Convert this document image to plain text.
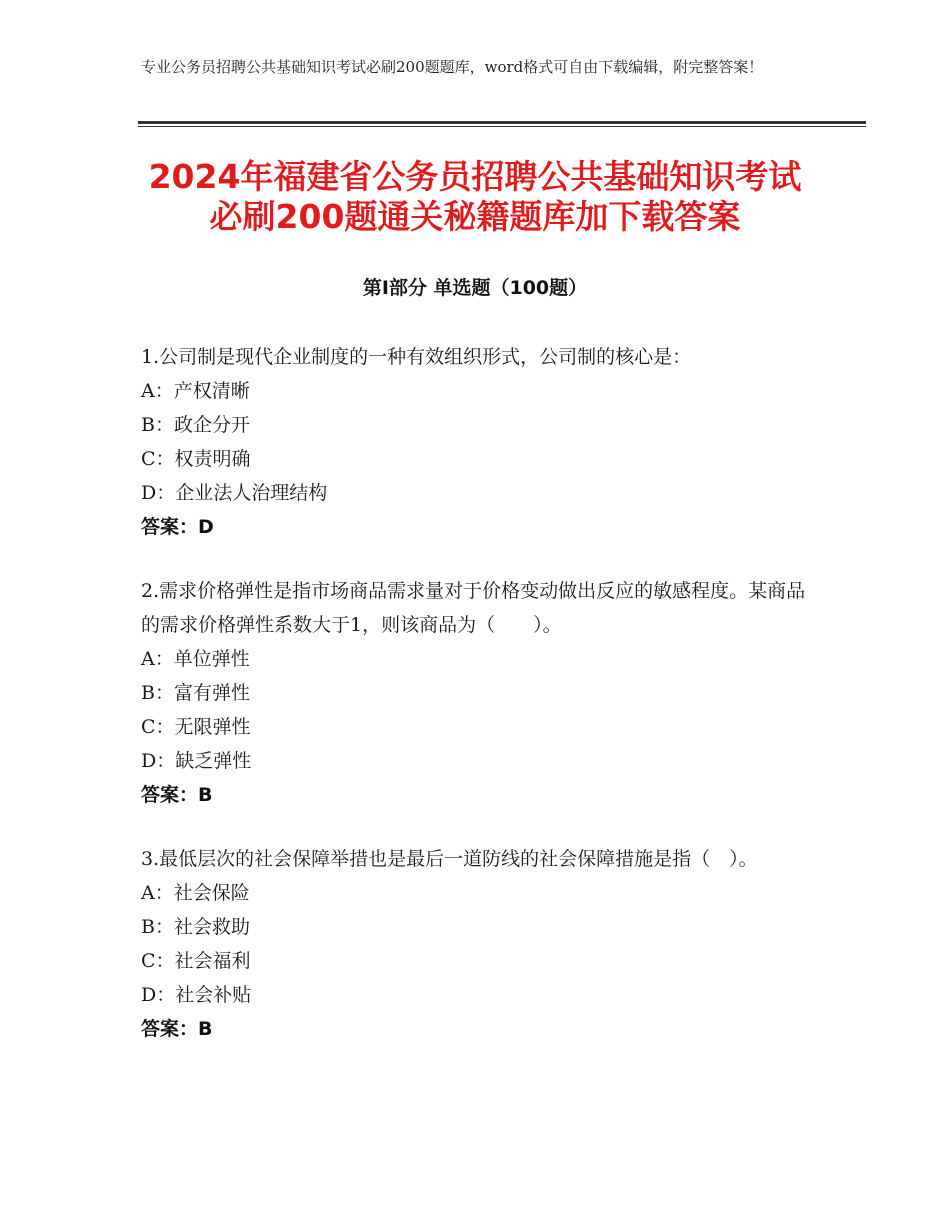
专业公务员招聘公共基础知识考试必刷200题题库，word格式可自由下载编辑，附完整答案！
2024年福建省公务员招聘公共基础知识考试
必刷200题通关秘籍题库加下载答案
第Ⅰ部分 单选题（100题）
1.公司制是现代企业制度的一种有效组织形式，公司制的核心是：
A：产权清晰
B：政企分开
C：权责明确
D：企业法人治理结构
答案：D
2.需求价格弹性是指市场商品需求量对于价格变动做出反应的敏感程度。某商品的需求价格弹性系数大于1，则该商品为（　　）。
A：单位弹性
B：富有弹性
C：无限弹性
D：缺乏弹性
答案：B
3.最低层次的社会保障举措也是最后一道防线的社会保障措施是指（　）。
A：社会保险
B：社会救助
C：社会福利
D：社会补贴
答案：B
